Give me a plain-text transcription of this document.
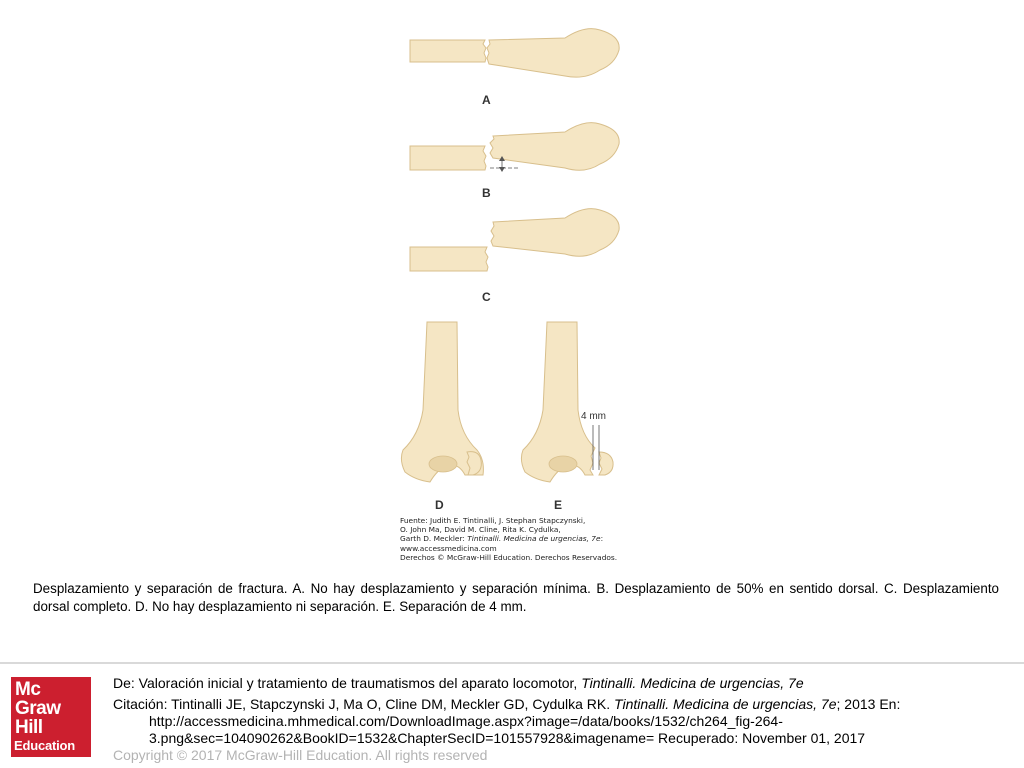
A
B
C
D	E
4 mm

Fuente: Judith E. Tintinalli, J. Stephan Stapczynski,

O. John Ma, David M. Cline, Rita K. Cydulka,

Garth D. Meckler: Tintinalli. Medicina de urgencias, 7e:

www.accessmedicina.com

Derechos © McGraw-Hill Education. Derechos Reservados.

Desplazamiento y separación de fractura. A. No hay desplazamiento y separación mínima. B. Desplazamiento de 50% en sentido dorsal. C. Desplazamiento dorsal completo. D. No hay desplazamiento ni separación. E. Separación de 4 mm.
Mc
Graw
Hill
Education
De: Valoración inicial y tratamiento de traumatismos del aparato locomotor, Tintinalli. Medicina de urgencias, 7e
Citación: Tintinalli JE, Stapczynski J, Ma O, Cline DM, Meckler GD, Cydulka RK. Tintinalli. Medicina de urgencias, 7e; 2013 En:
http://accessmedicina.mhmedical.com/DownloadImage.aspx?image=/data/books/1532/ch264_fig-264-
3.png&sec=104090262&BookID=1532&ChapterSecID=101557928&imagename= Recuperado: November 01, 2017
Copyright © 2017 McGraw-Hill Education. All rights reserved
